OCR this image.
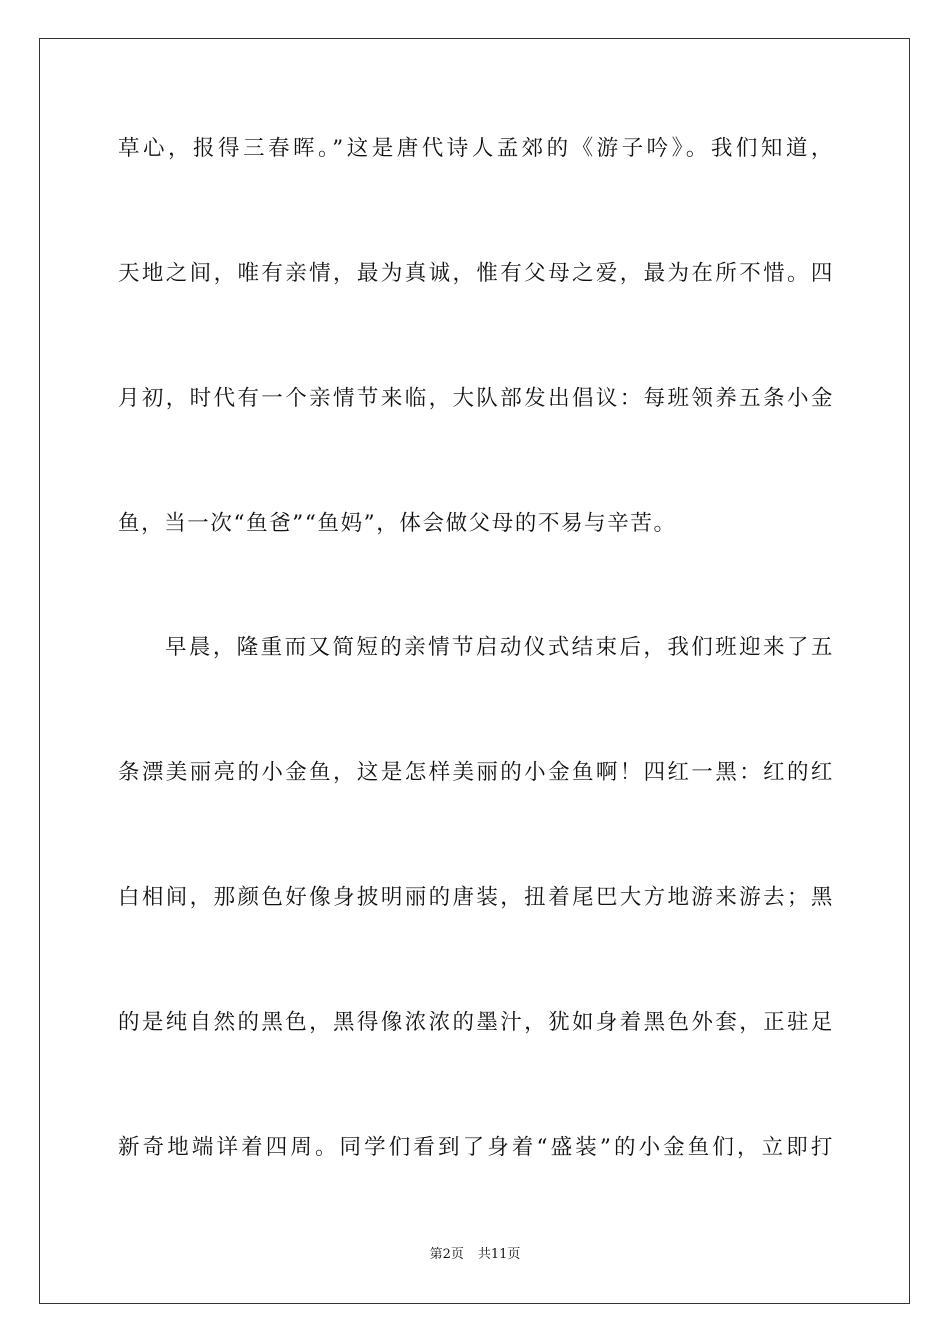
草心，报得三春晖。”这是唐代诗人孟郊的《游子吟》。我们知道，
天地之间，唯有亲情，最为真诚，惟有父母之爱，最为在所不惜。四
月初，时代有一个亲情节来临，大队部发出倡议：每班领养五条小金
鱼，当一次“鱼爸”“鱼妈”，体会做父母的不易与辛苦。
早晨，隆重而又简短的亲情节启动仪式结束后，我们班迎来了五
条漂美丽亮的小金鱼，这是怎样美丽的小金鱼啊！四红一黑：红的红
白相间，那颜色好像身披明丽的唐装，扭着尾巴大方地游来游去；黑
的是纯自然的黑色，黑得像浓浓的墨汁，犹如身着黑色外套，正驻足
新奇地端详着四周。同学们看到了身着“盛装”的小金鱼们，立即打
第2页 共11页
